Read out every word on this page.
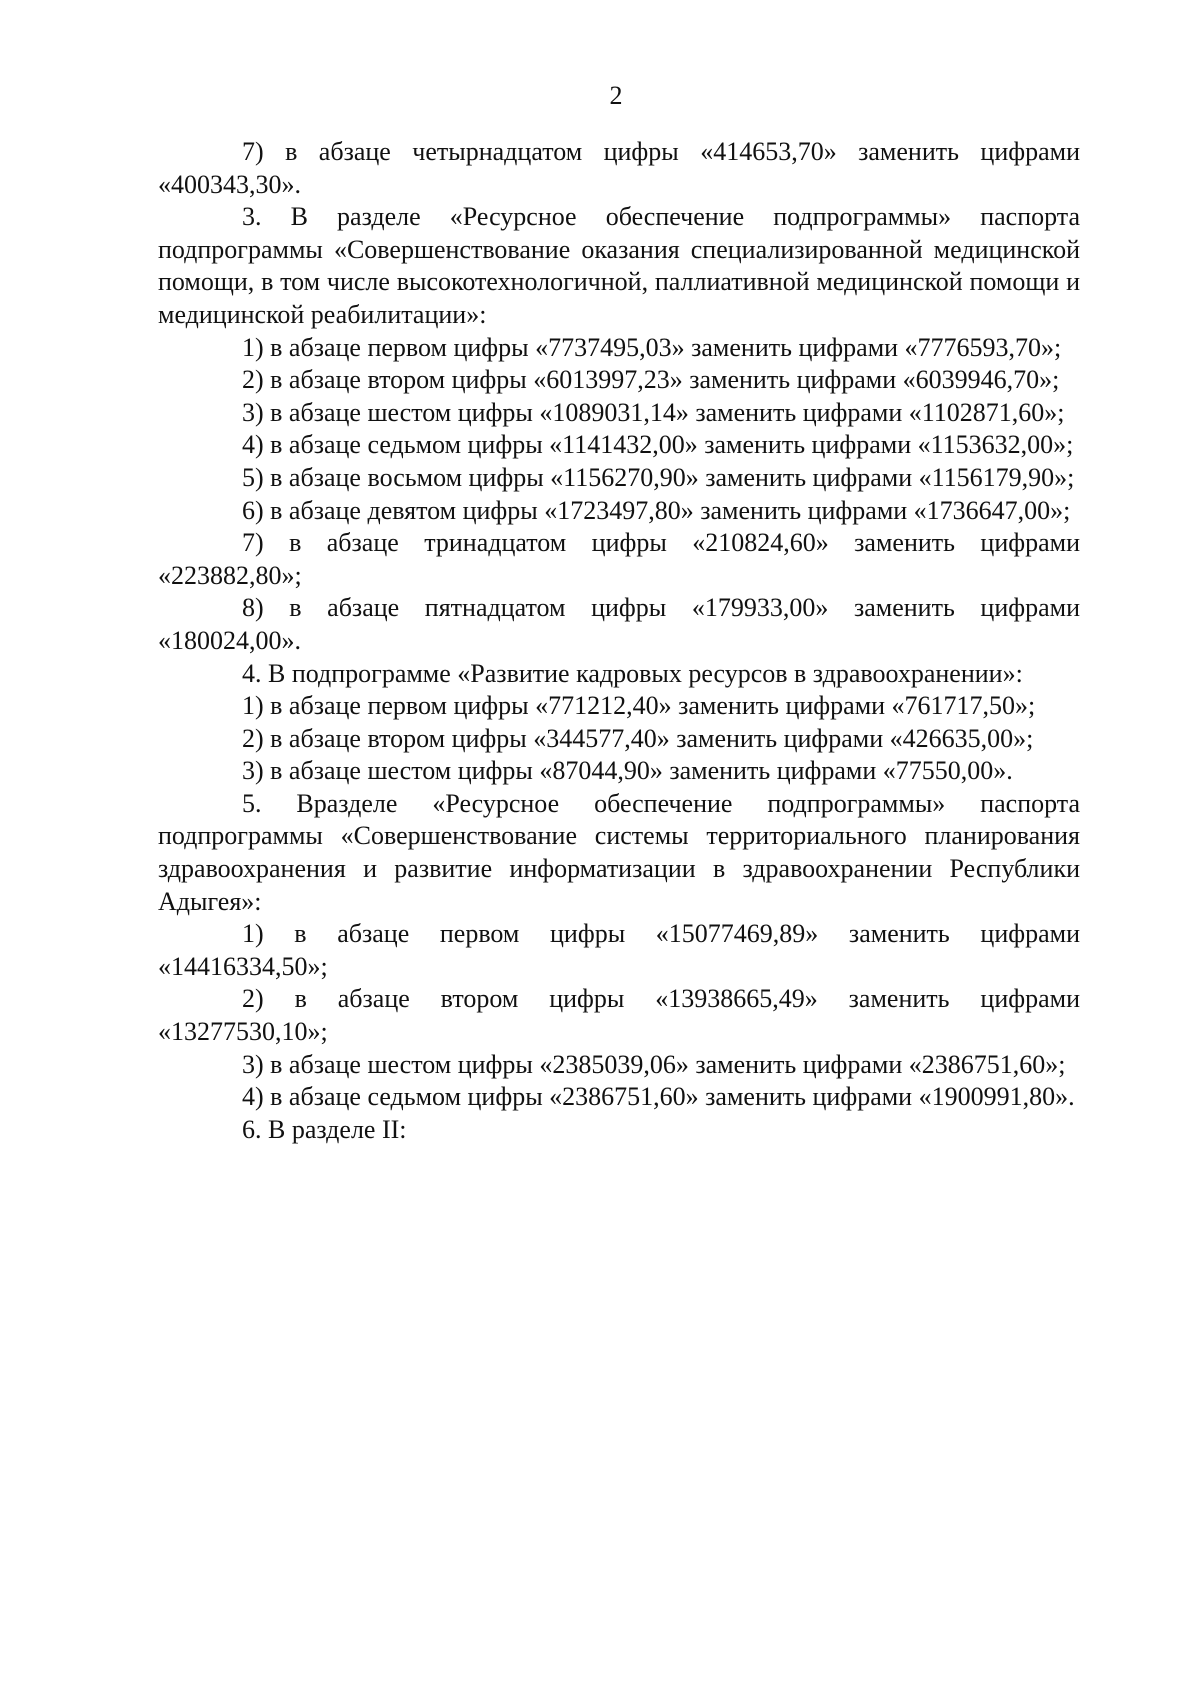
2

7) в абзаце четырнадцатом цифры «414653,70» заменить цифрами «400343,30».

3. В разделе «Ресурсное обеспечение подпрограммы» паспорта подпрограммы «Совершенствование оказания специализированной медицинской помощи, в том числе высокотехнологичной, паллиативной медицинской помощи и медицинской реабилитации»:

1) в абзаце первом цифры «7737495,03» заменить цифрами «7776593,70»;

2) в абзаце втором цифры «6013997,23» заменить цифрами «6039946,70»;

3) в абзаце шестом цифры «1089031,14» заменить цифрами «1102871,60»;

4) в абзаце седьмом цифры «1141432,00» заменить цифрами «1153632,00»;

5) в абзаце восьмом цифры «1156270,90» заменить цифрами «1156179,90»;

6) в абзаце девятом цифры «1723497,80» заменить цифрами «1736647,00»;

7) в абзаце тринадцатом цифры «210824,60» заменить цифрами «223882,80»;

8) в абзаце пятнадцатом цифры «179933,00» заменить цифрами «180024,00».

4. В подпрограмме «Развитие кадровых ресурсов в здравоохранении»:

1) в абзаце первом цифры «771212,40» заменить цифрами «761717,50»;

2) в абзаце втором цифры «344577,40» заменить цифрами «426635,00»;

3) в абзаце шестом цифры «87044,90» заменить цифрами «77550,00».

5. Вразделе «Ресурсное обеспечение подпрограммы» паспорта подпрограммы «Совершенствование системы территориального планирования здравоохранения и развитие информатизации в здравоохранении Республики Адыгея»:

1) в абзаце первом цифры «15077469,89» заменить цифрами «14416334,50»;

2) в абзаце втором цифры «13938665,49» заменить цифрами «13277530,10»;

3) в абзаце шестом цифры «2385039,06» заменить цифрами «2386751,60»;

4) в абзаце седьмом цифры «2386751,60» заменить цифрами «1900991,80».

6. В разделе II:
